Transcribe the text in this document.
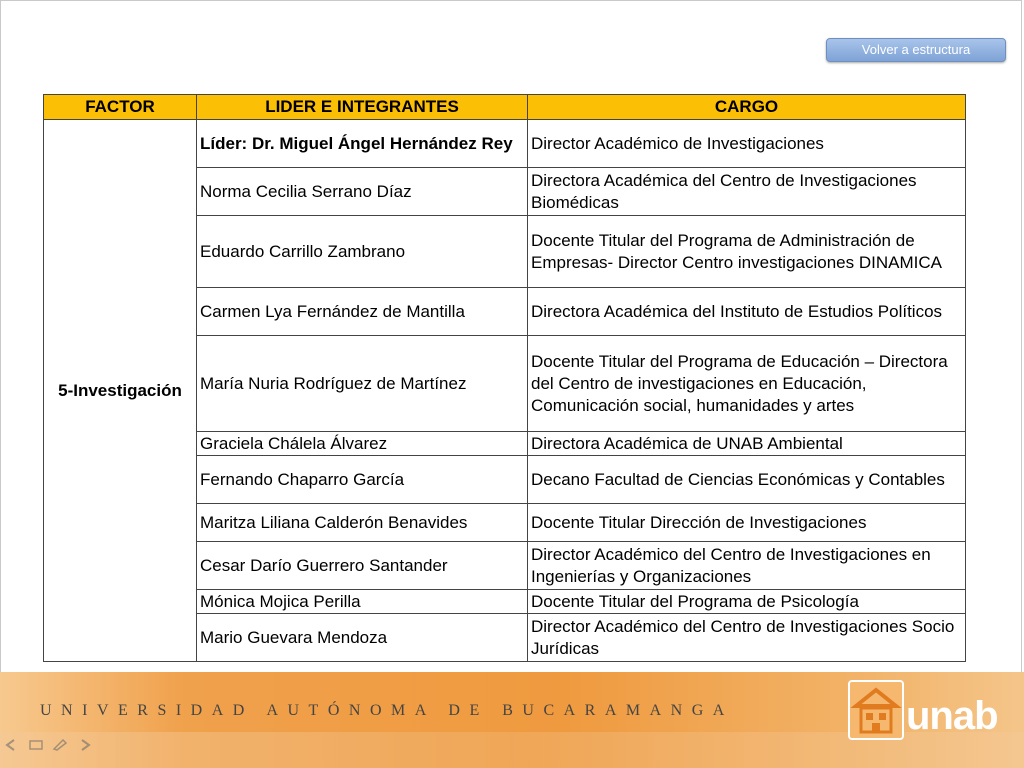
Volver a estructura
FACTOR	LIDER E INTEGRANTES	CARGO
5-Investigación	Líder: Dr. Miguel Ángel Hernández Rey	Director Académico de Investigaciones
	Norma Cecilia Serrano Díaz	Directora Académica del Centro de Investigaciones Biomédicas
	Eduardo Carrillo Zambrano	Docente Titular del Programa de Administración de Empresas- Director Centro investigaciones DINAMICA
	Carmen Lya Fernández de Mantilla	Directora Académica del Instituto de Estudios Políticos
	María Nuria Rodríguez de Martínez	Docente Titular del Programa de Educación – Directora del Centro de investigaciones en Educación, Comunicación social, humanidades y artes
	Graciela Chálela Álvarez	Directora Académica de UNAB Ambiental
	Fernando Chaparro García	Decano Facultad de Ciencias Económicas y Contables
	Maritza Liliana Calderón Benavides	Docente Titular Dirección de Investigaciones
	Cesar Darío Guerrero Santander	Director Académico del Centro de Investigaciones en Ingenierías y Organizaciones
	Mónica Mojica Perilla	Docente Titular del Programa de Psicología
	Mario Guevara Mendoza	Director Académico del Centro de Investigaciones Socio Jurídicas
UNIVERSIDAD AUTÓNOMA DE BUCARAMANGA	unab
